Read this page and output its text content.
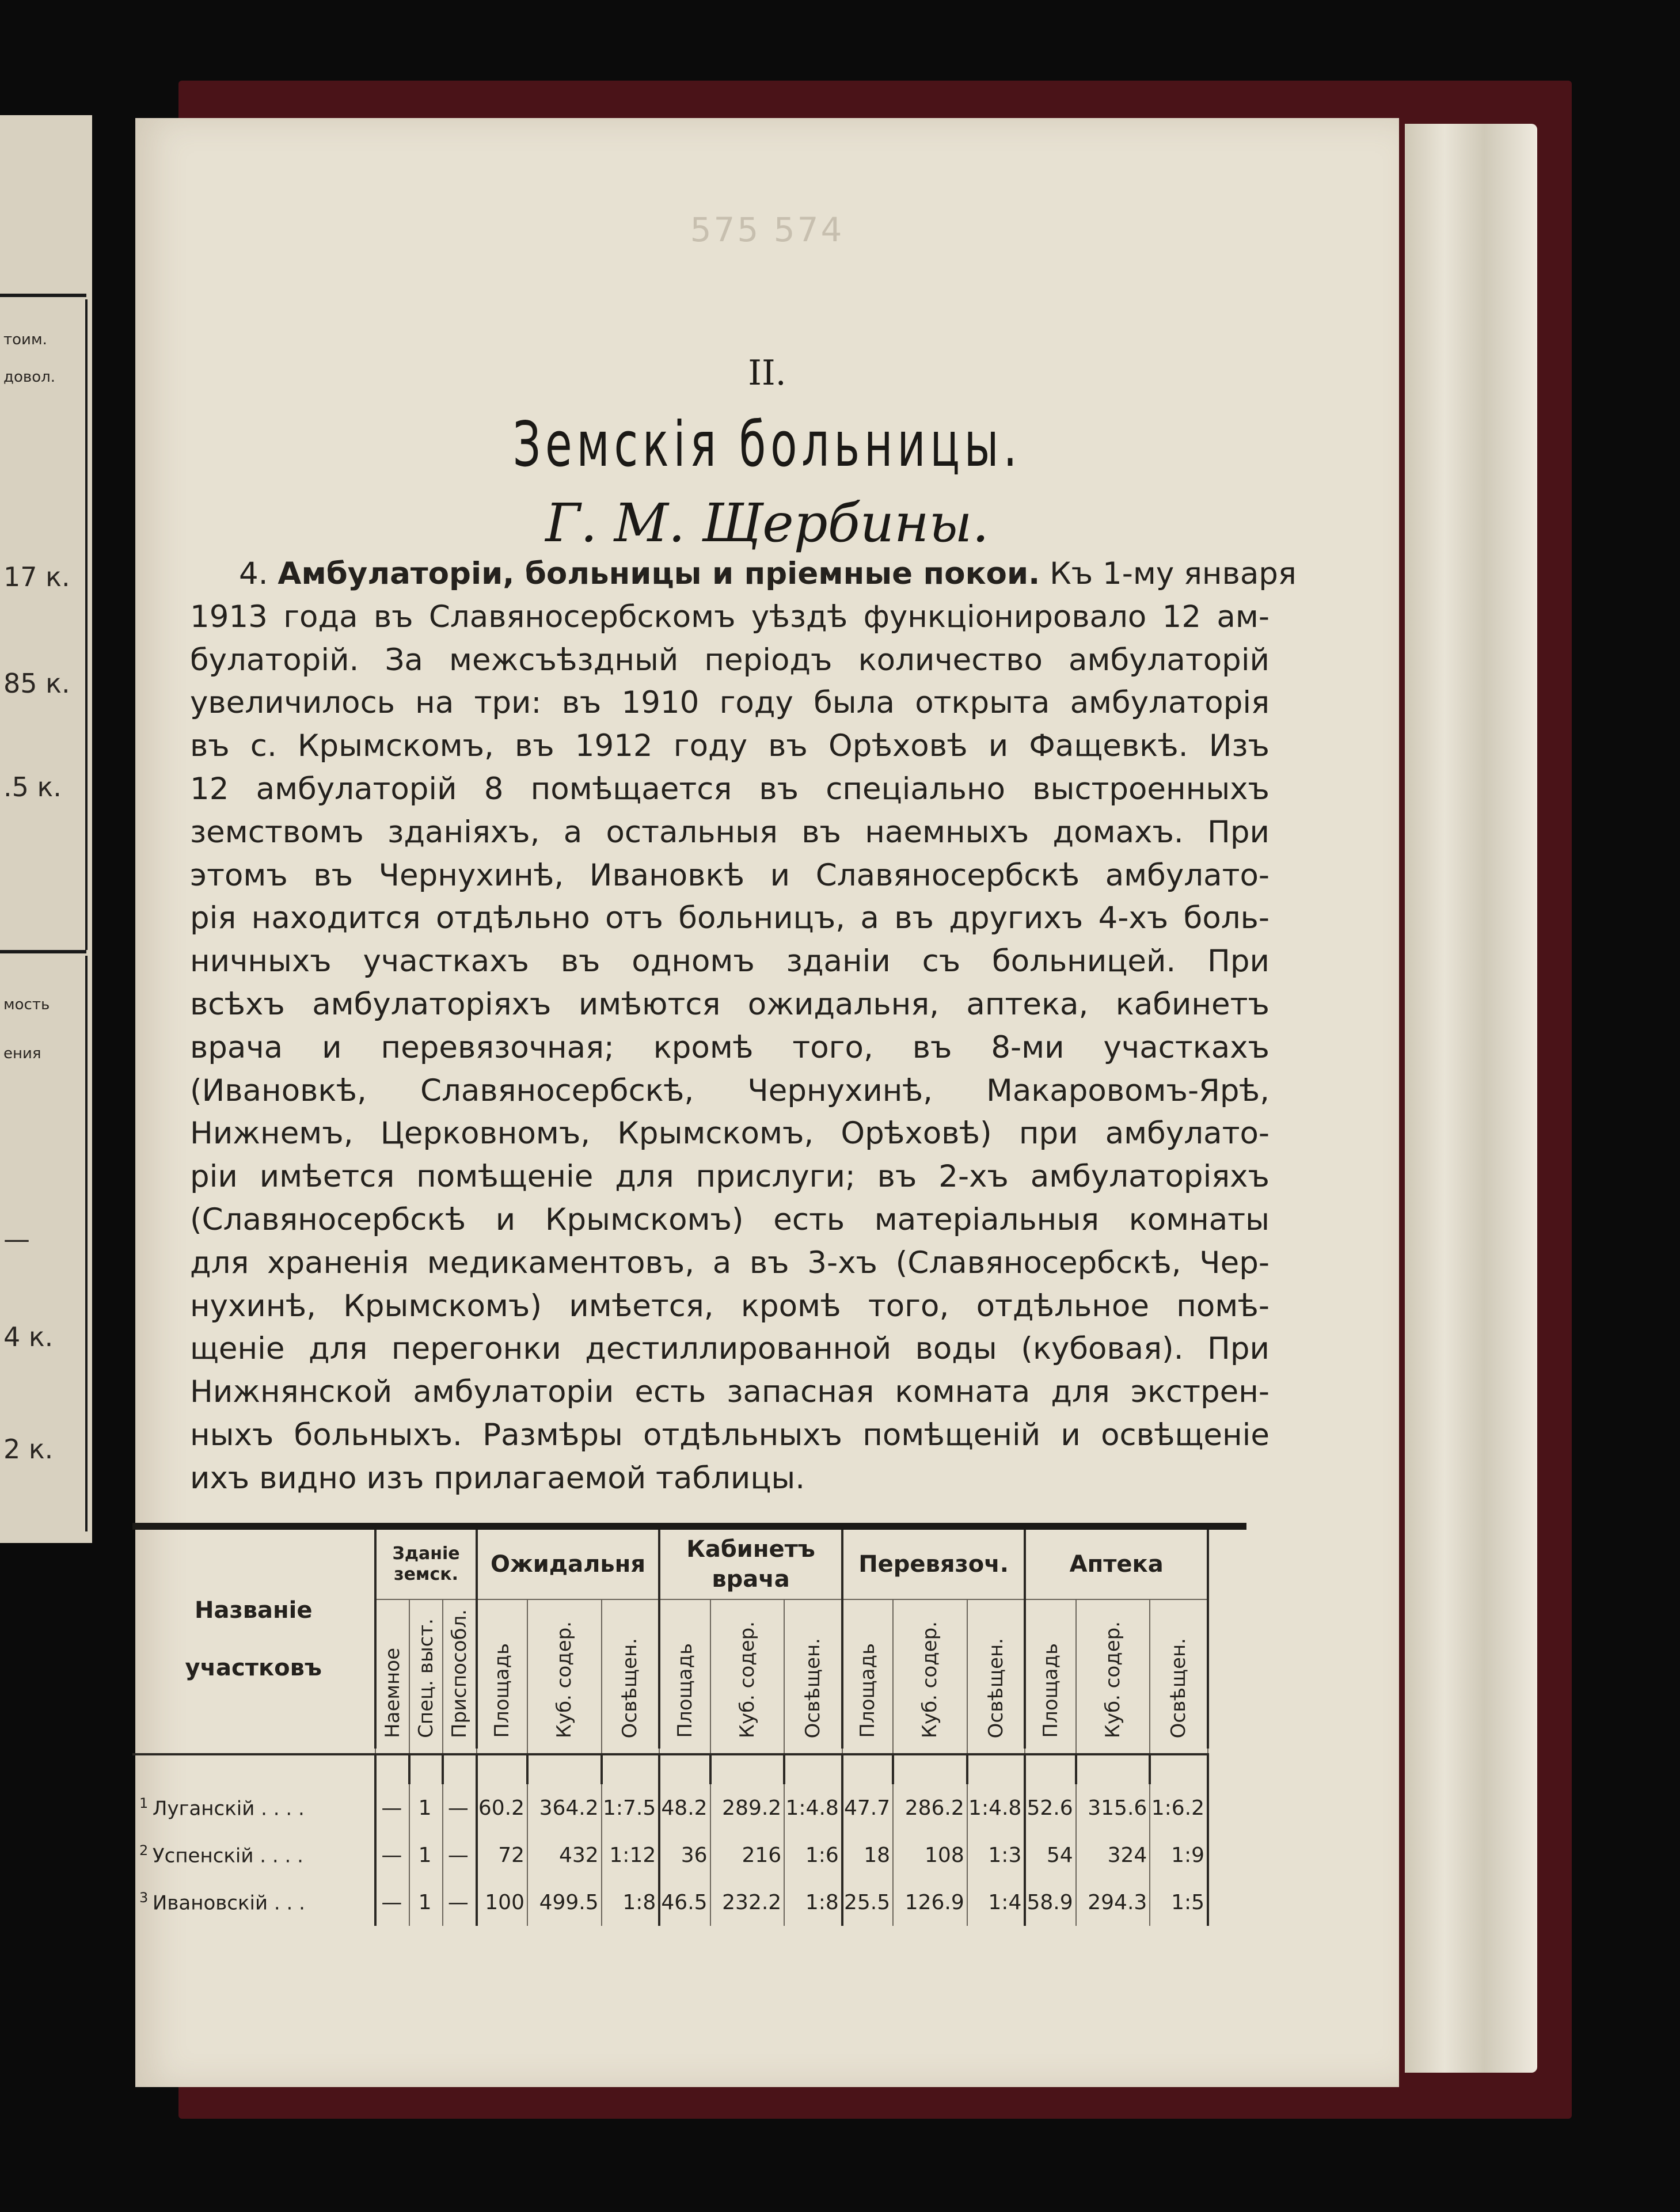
тоим.
довол.
17 к.
85 к.
.5 к.
мость
ения
—
4 к.
2 к.
575 574
II.
Земскія больницы.
Г. М. Щербины.
4. Амбулаторіи, больницы и пріемные покои. Къ 1-му января
1913 года въ Славяносербскомъ уѣздѣ функціонировало 12 ам-
булаторій. За межсъѣздный періодъ количество амбулаторій
увеличилось на три: въ 1910 году была открыта амбулаторія
въ с. Крымскомъ, въ 1912 году въ Орѣховѣ и Фащевкѣ. Изъ
12 амбулаторій 8 помѣщается въ спеціально выстроенныхъ
земствомъ зданіяхъ, а остальныя въ наемныхъ домахъ. При
этомъ въ Чернухинѣ, Ивановкѣ и Славяносербскѣ амбулато-
рія находится отдѣльно отъ больницъ, а въ другихъ 4-хъ боль-
ничныхъ участкахъ въ одномъ зданіи съ больницей. При
всѣхъ амбулаторіяхъ имѣются ожидальня, аптека, кабинетъ
врача и перевязочная; кромѣ того, въ 8-ми участкахъ
(Ивановкѣ, Славяносербскѣ, Чернухинѣ, Макаровомъ-Ярѣ,
Нижнемъ, Церковномъ, Крымскомъ, Орѣховѣ) при амбулато-
ріи имѣется помѣщеніе для прислуги; въ 2-хъ амбулаторіяхъ
(Славяносербскѣ и Крымскомъ) есть матеріальныя комнаты
для храненія медикаментовъ, а въ 3-хъ (Славяносербскѣ, Чер-
нухинѣ, Крымскомъ) имѣется, кромѣ того, отдѣльное помѣ-
щеніе для перегонки дестиллированной воды (кубовая). При
Нижнянской амбулаторіи есть запасная комната для экстрен-
ныхъ больныхъ. Размѣры отдѣльныхъ помѣщеній и освѣщеніе
ихъ видно изъ прилагаемой таблицы.
Названіе
участковъ	Зданіе земск.			Ожидальня			Кабинетъ врача			Перевязоч.			Аптека		

	Наемное	Спец. выст.	Приспособл.	Площадь	Куб. содер.	Освѣщен.	Площадь	Куб. содер.	Освѣщен.	Площадь	Куб. содер.	Освѣщен.	Площадь	Куб. содер.	Освѣщен.

$^1$ Луганскій . . . .	—	1	—	60.2	364.2	1:7.5	48.2	289.2	1:4.8	47.7	286.2	1:4.8	52.6	315.6	1:6.2
$^2$ Успенскій . . . .	—	1	—	72	432	1:12	36	216	1:6	18	108	1:3	54	324	1:9
$^3$ Ивановскій . . .	—	1	—	100	499.5	1:8	46.5	232.2	1:8	25.5	126.9	1:4	58.9	294.3	1:5
